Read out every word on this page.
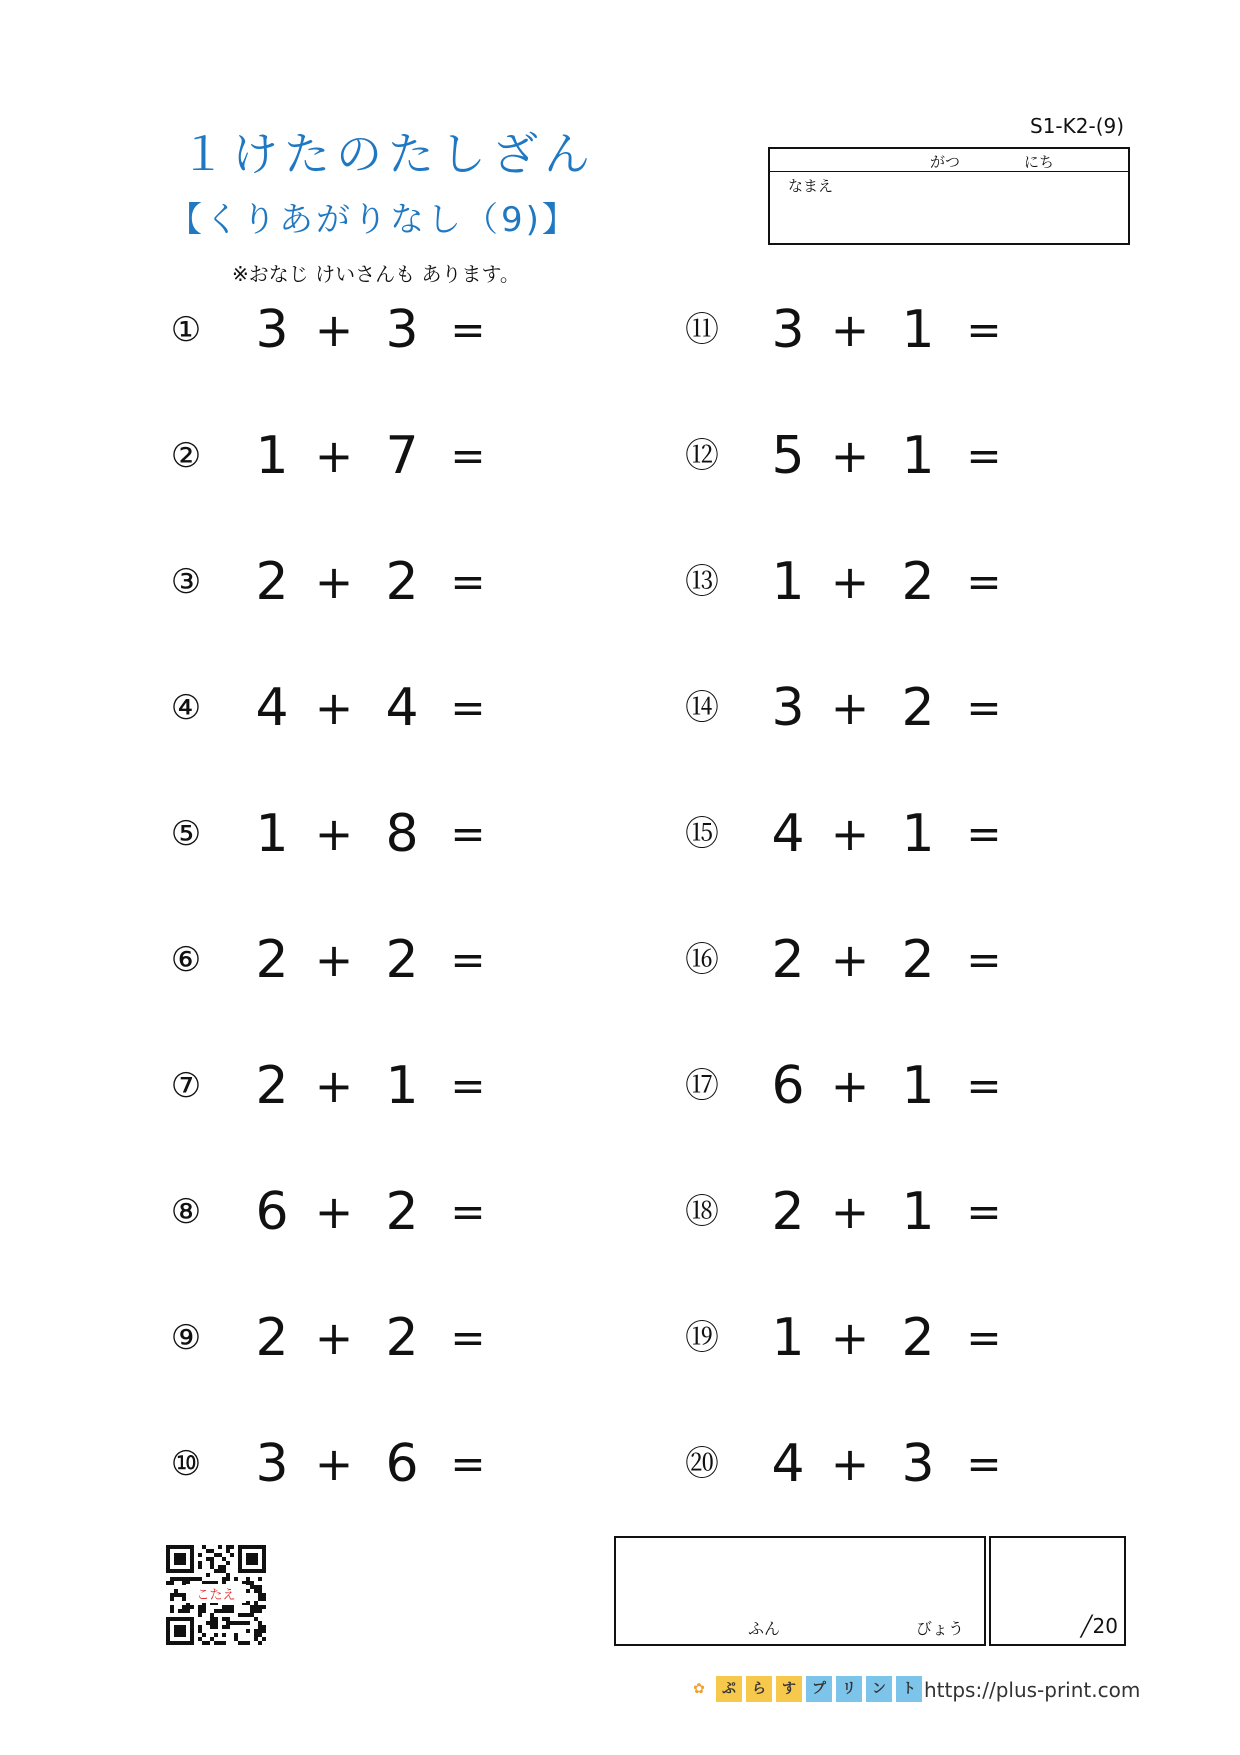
１けたのたしざん
【くりあがりなし（9)】
※おなじ けいさんも あります。
S1-K2-(9)
がつ	にち
なまえ
① 3 + 3 =
② 1 + 7 =
③ 2 + 2 =
④ 4 + 4 =
⑤ 1 + 8 =
⑥ 2 + 2 =
⑦ 2 + 1 =
⑧ 6 + 2 =
⑨ 2 + 2 =
⑩ 3 + 6 =
⑪ 3 + 1 =
⑫ 5 + 1 =
⑬ 1 + 2 =
⑭ 3 + 2 =
⑮ 4 + 1 =
⑯ 2 + 2 =
⑰ 6 + 1 =
⑱ 2 + 1 =
⑲ 1 + 2 =
⑳ 4 + 3 =
こたえ
ふん	びょう	╱20
✿	ぷ	ら	す	プ	リ	ン	ト https://plus-print.com
